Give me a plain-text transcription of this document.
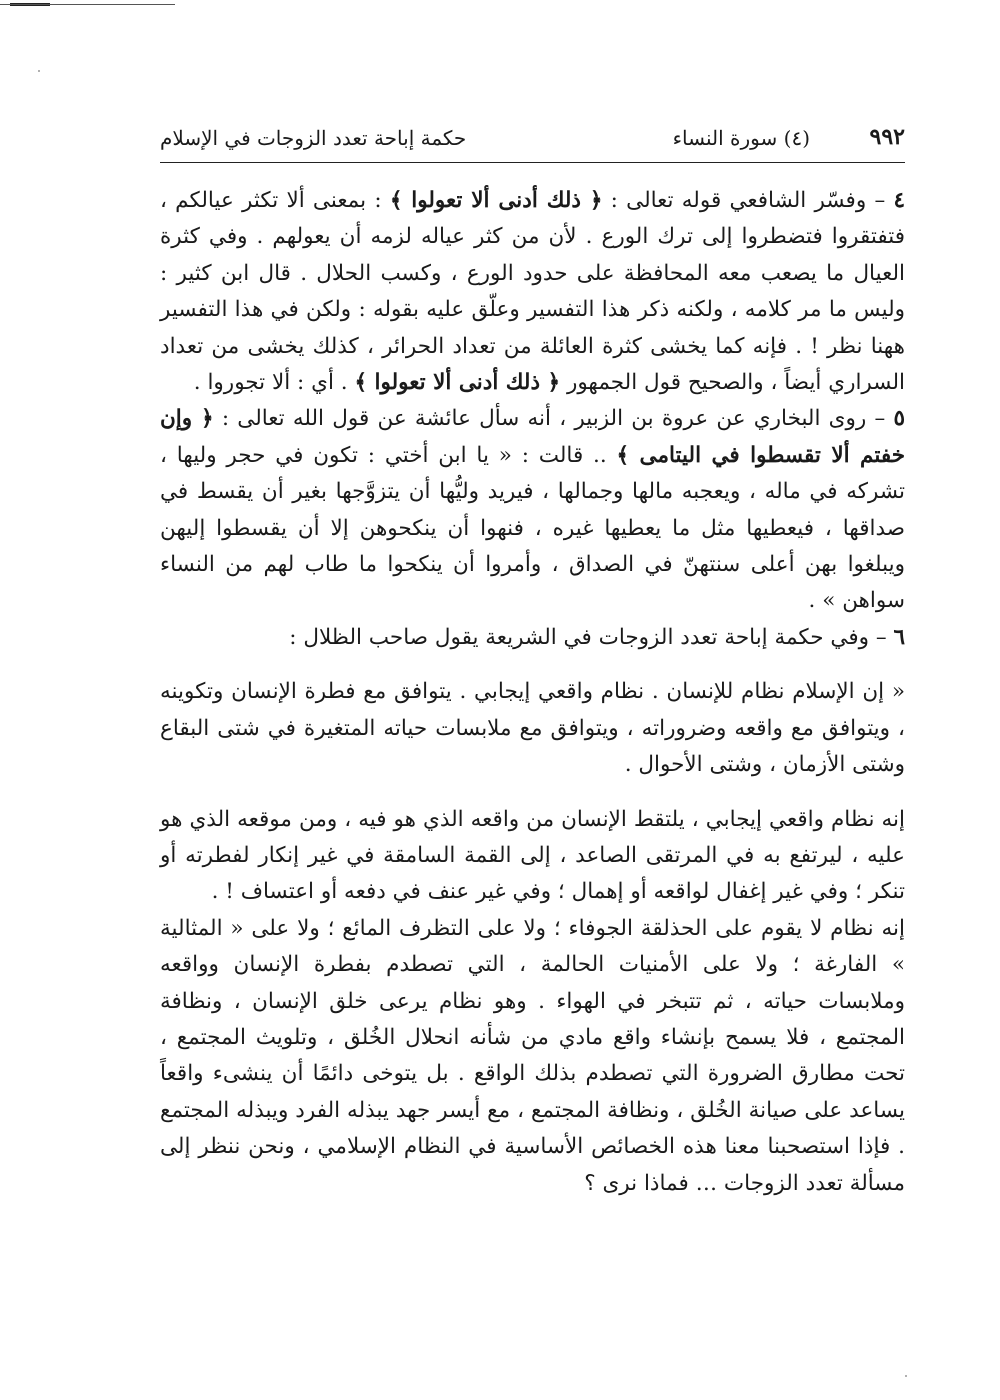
٩٩٢
(٤) سورة النساء
حكمة إباحة تعدد الزوجات في الإسلام

٤ – وفسّر الشافعي قوله تعالى : ﴿ ذلك أدنى ألا تعولوا ﴾ : بمعنى ألا تكثر عيالكم ، فتفتقروا فتضطروا إلى ترك الورع . لأن من كثر عياله لزمه أن يعولهم . وفي كثرة العيال ما يصعب معه المحافظة على حدود الورع ، وكسب الحلال . قال ابن كثير : وليس ما مر كلامه ، ولكنه ذكر هذا التفسير وعلّق عليه بقوله : ولكن في هذا التفسير ههنا نظر ! . فإنه كما يخشى كثرة العائلة من تعداد الحرائر ، كذلك يخشى من تعداد السراري أيضاً ، والصحيح قول الجمهور ﴿ ذلك أدنى ألا تعولوا ﴾ . أي : ألا تجوروا .

٥ – روى البخاري عن عروة بن الزبير ، أنه سأل عائشة عن قول الله تعالى : ﴿ وإن خفتم ألا تقسطوا في اليتامى ﴾ .. قالت : « يا ابن أختي : تكون في حجر وليها ، تشركه في ماله ، ويعجبه مالها وجمالها ، فيريد وليُّها أن يتزوَّجها بغير أن يقسط في صداقها ، فيعطيها مثل ما يعطيها غيره ، فنهوا أن ينكحوهن إلا أن يقسطوا إليهن ويبلغوا بهن أعلى سنتهنّ في الصداق ، وأمروا أن ينكحوا ما طاب لهم من النساء سواهن » .

٦ – وفي حكمة إباحة تعدد الزوجات في الشريعة يقول صاحب الظلال :

« إن الإسلام نظام للإنسان . نظام واقعي إيجابي . يتوافق مع فطرة الإنسان وتكوينه ، ويتوافق مع واقعه وضروراته ، ويتوافق مع ملابسات حياته المتغيرة في شتى البقاع وشتى الأزمان ، وشتى الأحوال .

إنه نظام واقعي إيجابي ، يلتقط الإنسان من واقعه الذي هو فيه ، ومن موقعه الذي هو عليه ، ليرتفع به في المرتقى الصاعد ، إلى القمة السامقة في غير إنكار لفطرته أو تنكر ؛ وفي غير إغفال لواقعه أو إهمال ؛ وفي غير عنف في دفعه أو اعتساف ! .

إنه نظام لا يقوم على الحذلقة الجوفاء ؛ ولا على التظرف المائع ؛ ولا على « المثالية » الفارغة ؛ ولا على الأمنيات الحالمة ، التي تصطدم بفطرة الإنسان وواقعه وملابسات حياته ، ثم تتبخر في الهواء . وهو نظام يرعى خلق الإنسان ، ونظافة المجتمع ، فلا يسمح بإنشاء واقع مادي من شأنه انحلال الخُلق ، وتلويث المجتمع ، تحت مطارق الضرورة التي تصطدم بذلك الواقع . بل يتوخى دائمًا أن ينشىء واقعاً يساعد على صيانة الخُلق ، ونظافة المجتمع ، مع أيسر جهد يبذله الفرد ويبذله المجتمع . فإذا استصحبنا معنا هذه الخصائص الأساسية في النظام الإسلامي ، ونحن ننظر إلى مسألة تعدد الزوجات … فماذا نرى ؟
